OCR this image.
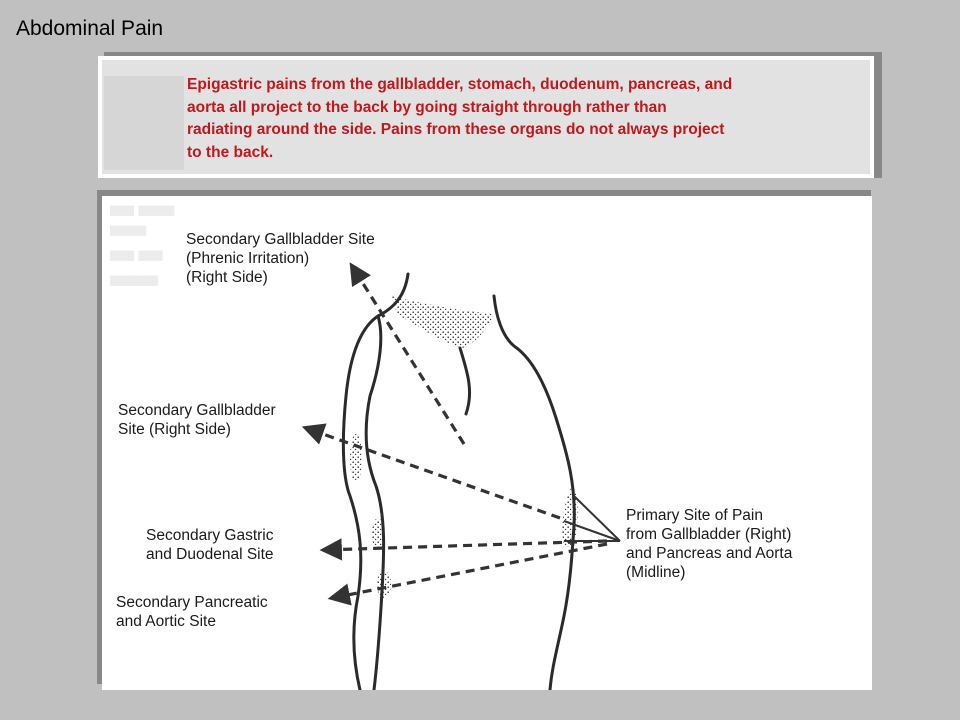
Abdominal Pain
Epigastric pains from the gallbladder, stomach, duodenum, pancreas, and
aorta all project to the back by going straight through rather than
radiating around the side. Pains from these organs do not always project
to the back.
▀▀ ▀▀▀
▀▀▀
▀▀ ▀▀
▀▀▀▀
Secondary Gallbladder Site
(Phrenic Irritation)
(Right Side)
Secondary Gallbladder
Site (Right Side)
Secondary Gastric
and Duodenal Site
Secondary Pancreatic
and Aortic Site
Primary Site of Pain
from Gallbladder (Right)
and Pancreas and Aorta
(Midline)
